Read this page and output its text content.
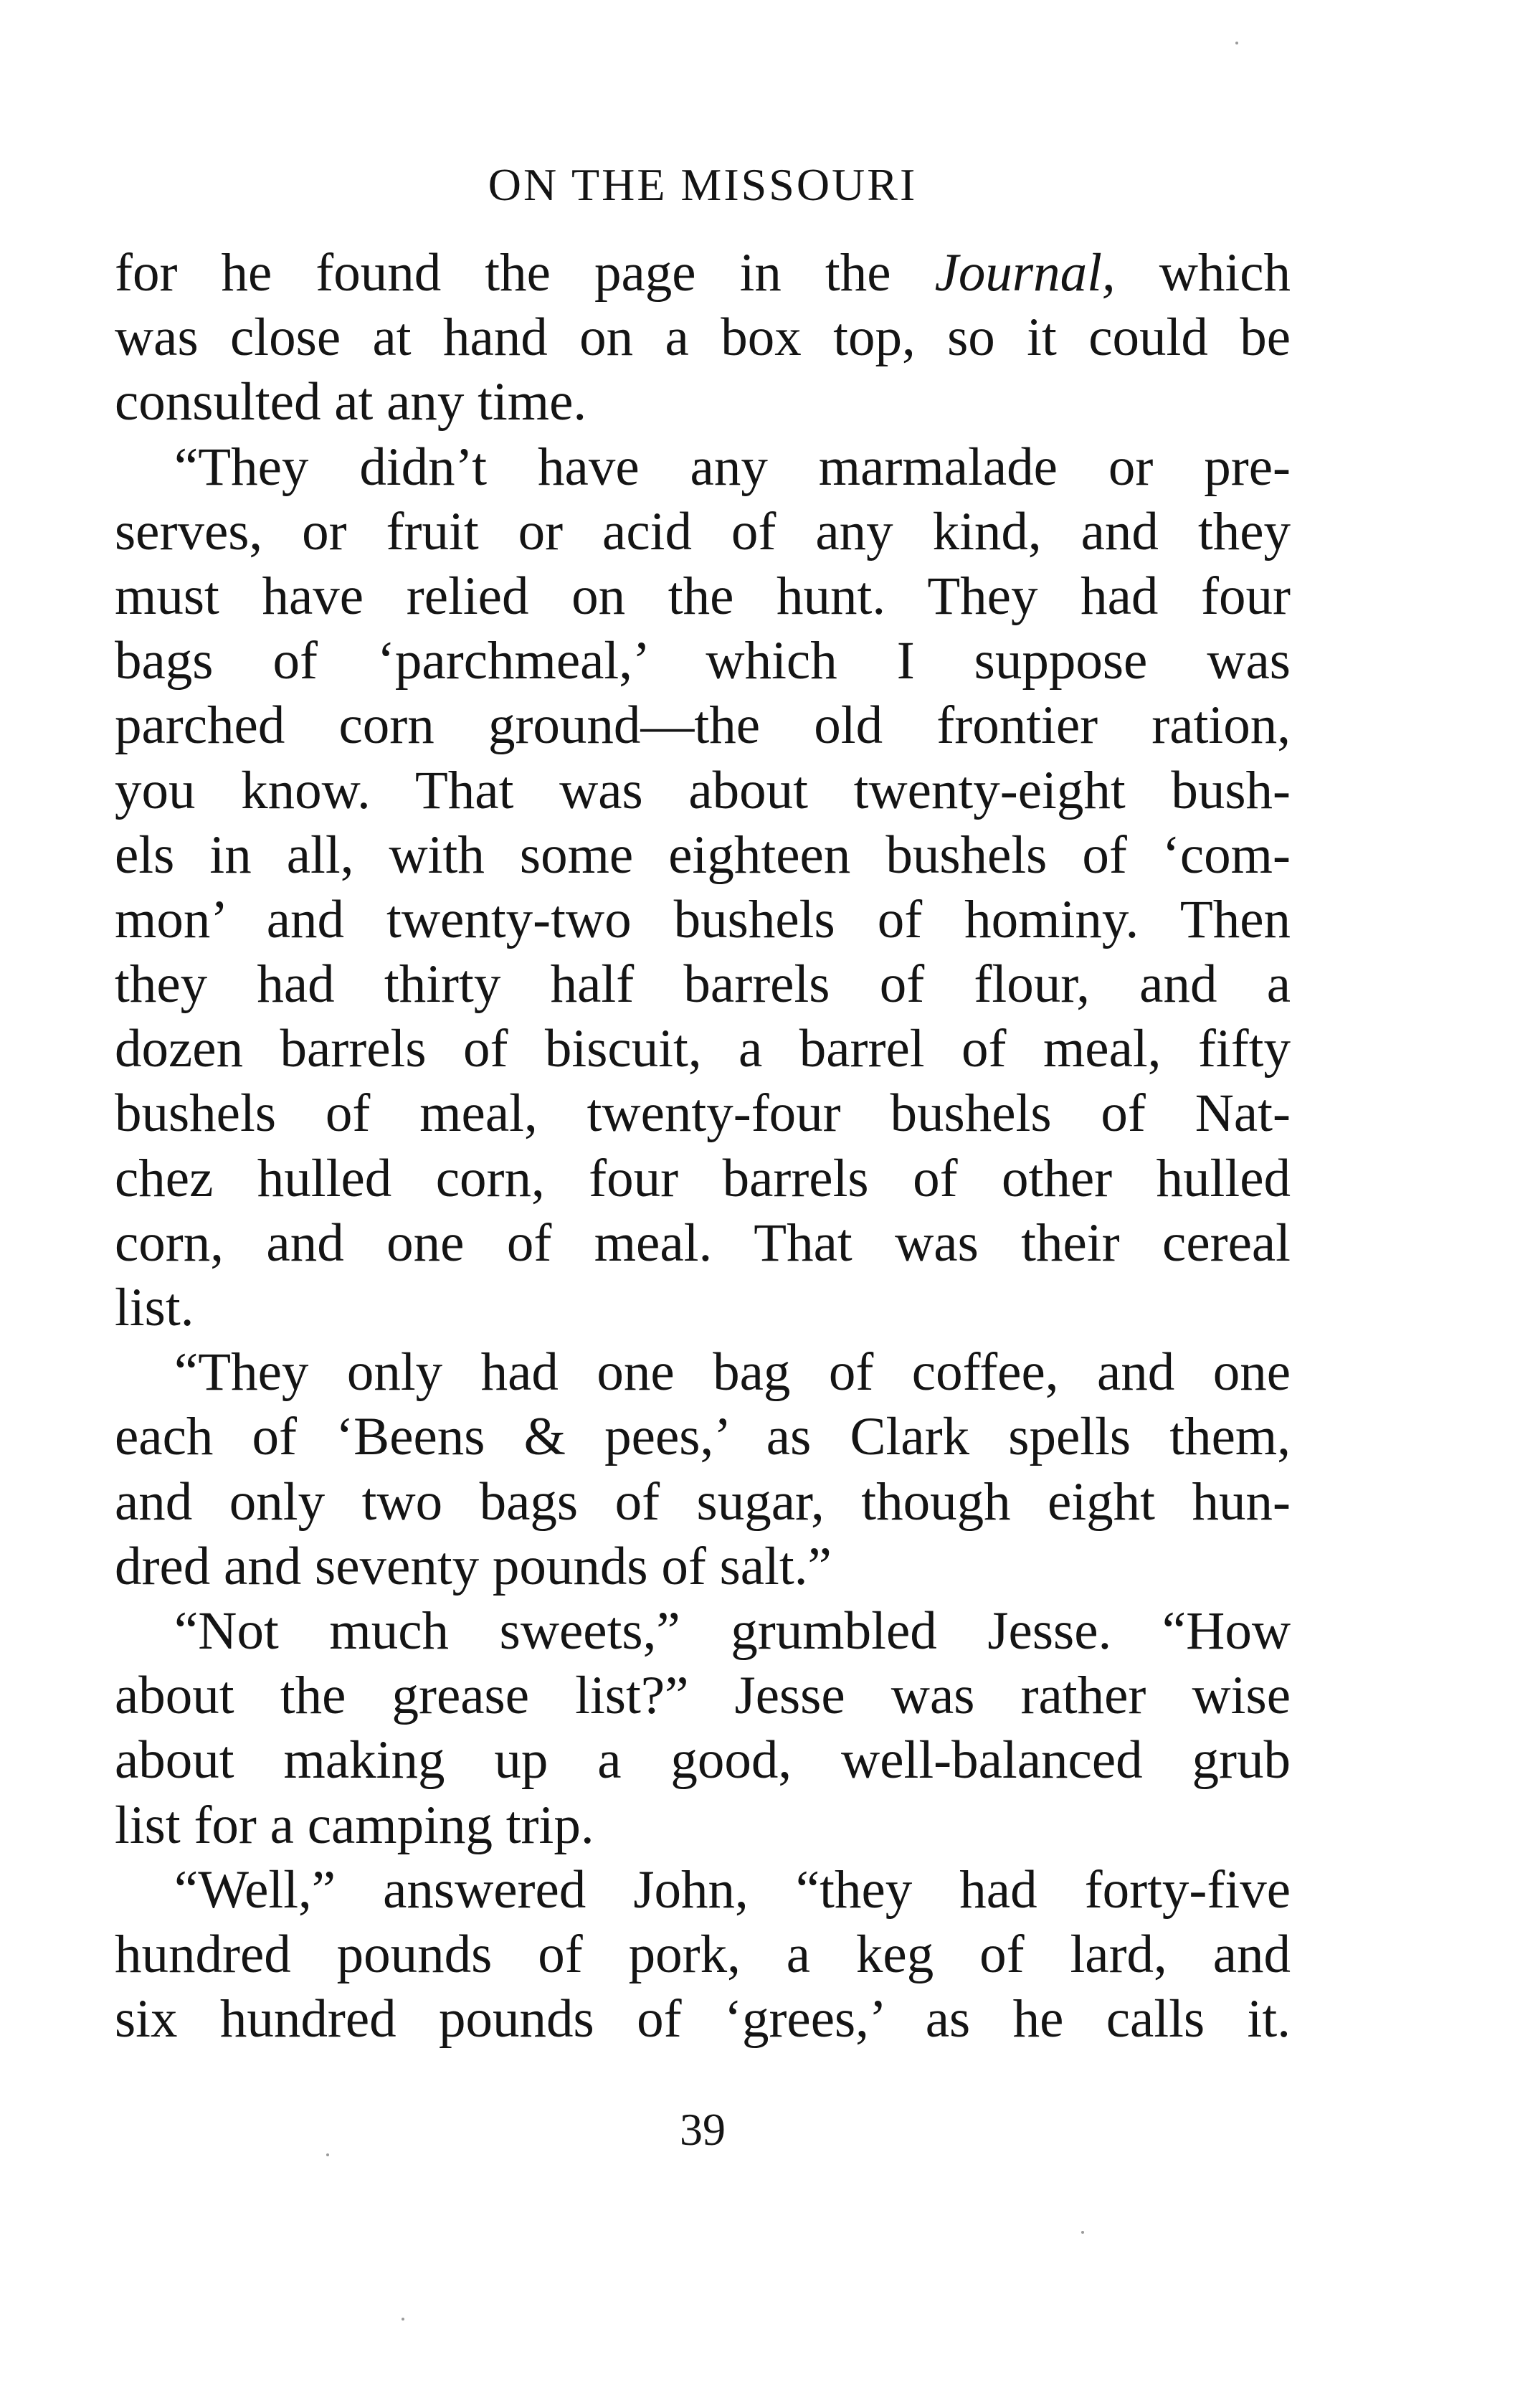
ON THE MISSOURI
for he found the page in the Journal, which
was close at hand on a box top, so it could be
consulted at any time.
“They didn’t have any marmalade or pre-
serves, or fruit or acid of any kind, and they
must have relied on the hunt. They had four
bags of ‘parchmeal,’ which I suppose was
parched corn ground—the old frontier ration,
you know. That was about twenty-eight bush-
els in all, with some eighteen bushels of ‘com-
mon’ and twenty-two bushels of hominy. Then
they had thirty half barrels of flour, and a
dozen barrels of biscuit, a barrel of meal, fifty
bushels of meal, twenty-four bushels of Nat-
chez hulled corn, four barrels of other hulled
corn, and one of meal. That was their cereal
list.
“They only had one bag of coffee, and one
each of ‘Beens & pees,’ as Clark spells them,
and only two bags of sugar, though eight hun-
dred and seventy pounds of salt.”
“Not much sweets,” grumbled Jesse. “How
about the grease list?” Jesse was rather wise
about making up a good, well-balanced grub
list for a camping trip.
“Well,” answered John, “they had forty-five
hundred pounds of pork, a keg of lard, and
six hundred pounds of ‘grees,’ as he calls it.
39
